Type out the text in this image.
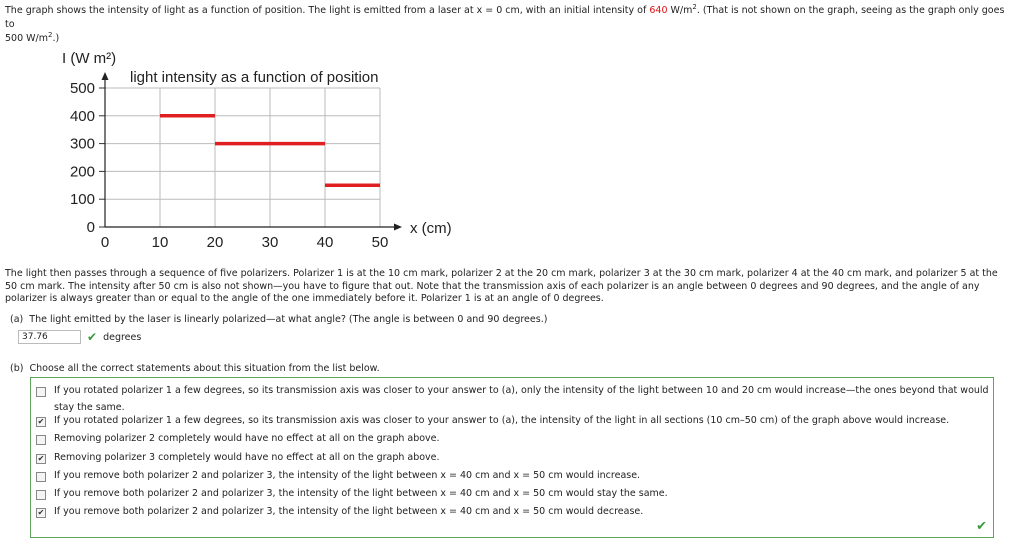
The graph shows the intensity of light as a function of position. The light is emitted from a laser at x = 0 cm, with an initial intensity of 640 $W/m^2$. (That is not shown on the graph, seeing as the graph only goes to
500 $W/m^2$.)
I (W m²)
light intensity as a function of position
0	10	20	30	40	50
0
100
200
300
400
500
x (cm)
The light then passes through a sequence of five polarizers. Polarizer 1 is at the 10 cm mark, polarizer 2 at the 20 cm mark, polarizer 3 at the 30 cm mark, polarizer 4 at the 40 cm mark, and polarizer 5 at the 50 cm mark. The intensity after 50 cm is also not shown—you have to figure that out. Note that the transmission axis of each polarizer is an angle between 0 degrees and 90 degrees, and the angle of any polarizer is always greater than or equal to the angle of the one immediately before it. Polarizer 1 is at an angle of 0 degrees.
(a) The light emitted by the laser is linearly polarized—at what angle? (The angle is between 0 and 90 degrees.)
37.76	✔ degrees
(b) Choose all the correct statements about this situation from the list below.
If you rotated polarizer 1 a few degrees, so its transmission axis was closer to your answer to (a), only the intensity of the light between 10 and 20 cm would increase—the ones beyond that would stay the same.
✔ If you rotated polarizer 1 a few degrees, so its transmission axis was closer to your answer to (a), the intensity of the light in all sections (10 cm–50 cm) of the graph above would increase.
Removing polarizer 2 completely would have no effect at all on the graph above.
✔ Removing polarizer 3 completely would have no effect at all on the graph above.
If you remove both polarizer 2 and polarizer 3, the intensity of the light between x = 40 cm and x = 50 cm would increase.
If you remove both polarizer 2 and polarizer 3, the intensity of the light between x = 40 cm and x = 50 cm would stay the same.
✔ If you remove both polarizer 2 and polarizer 3, the intensity of the light between x = 40 cm and x = 50 cm would decrease.
✔
